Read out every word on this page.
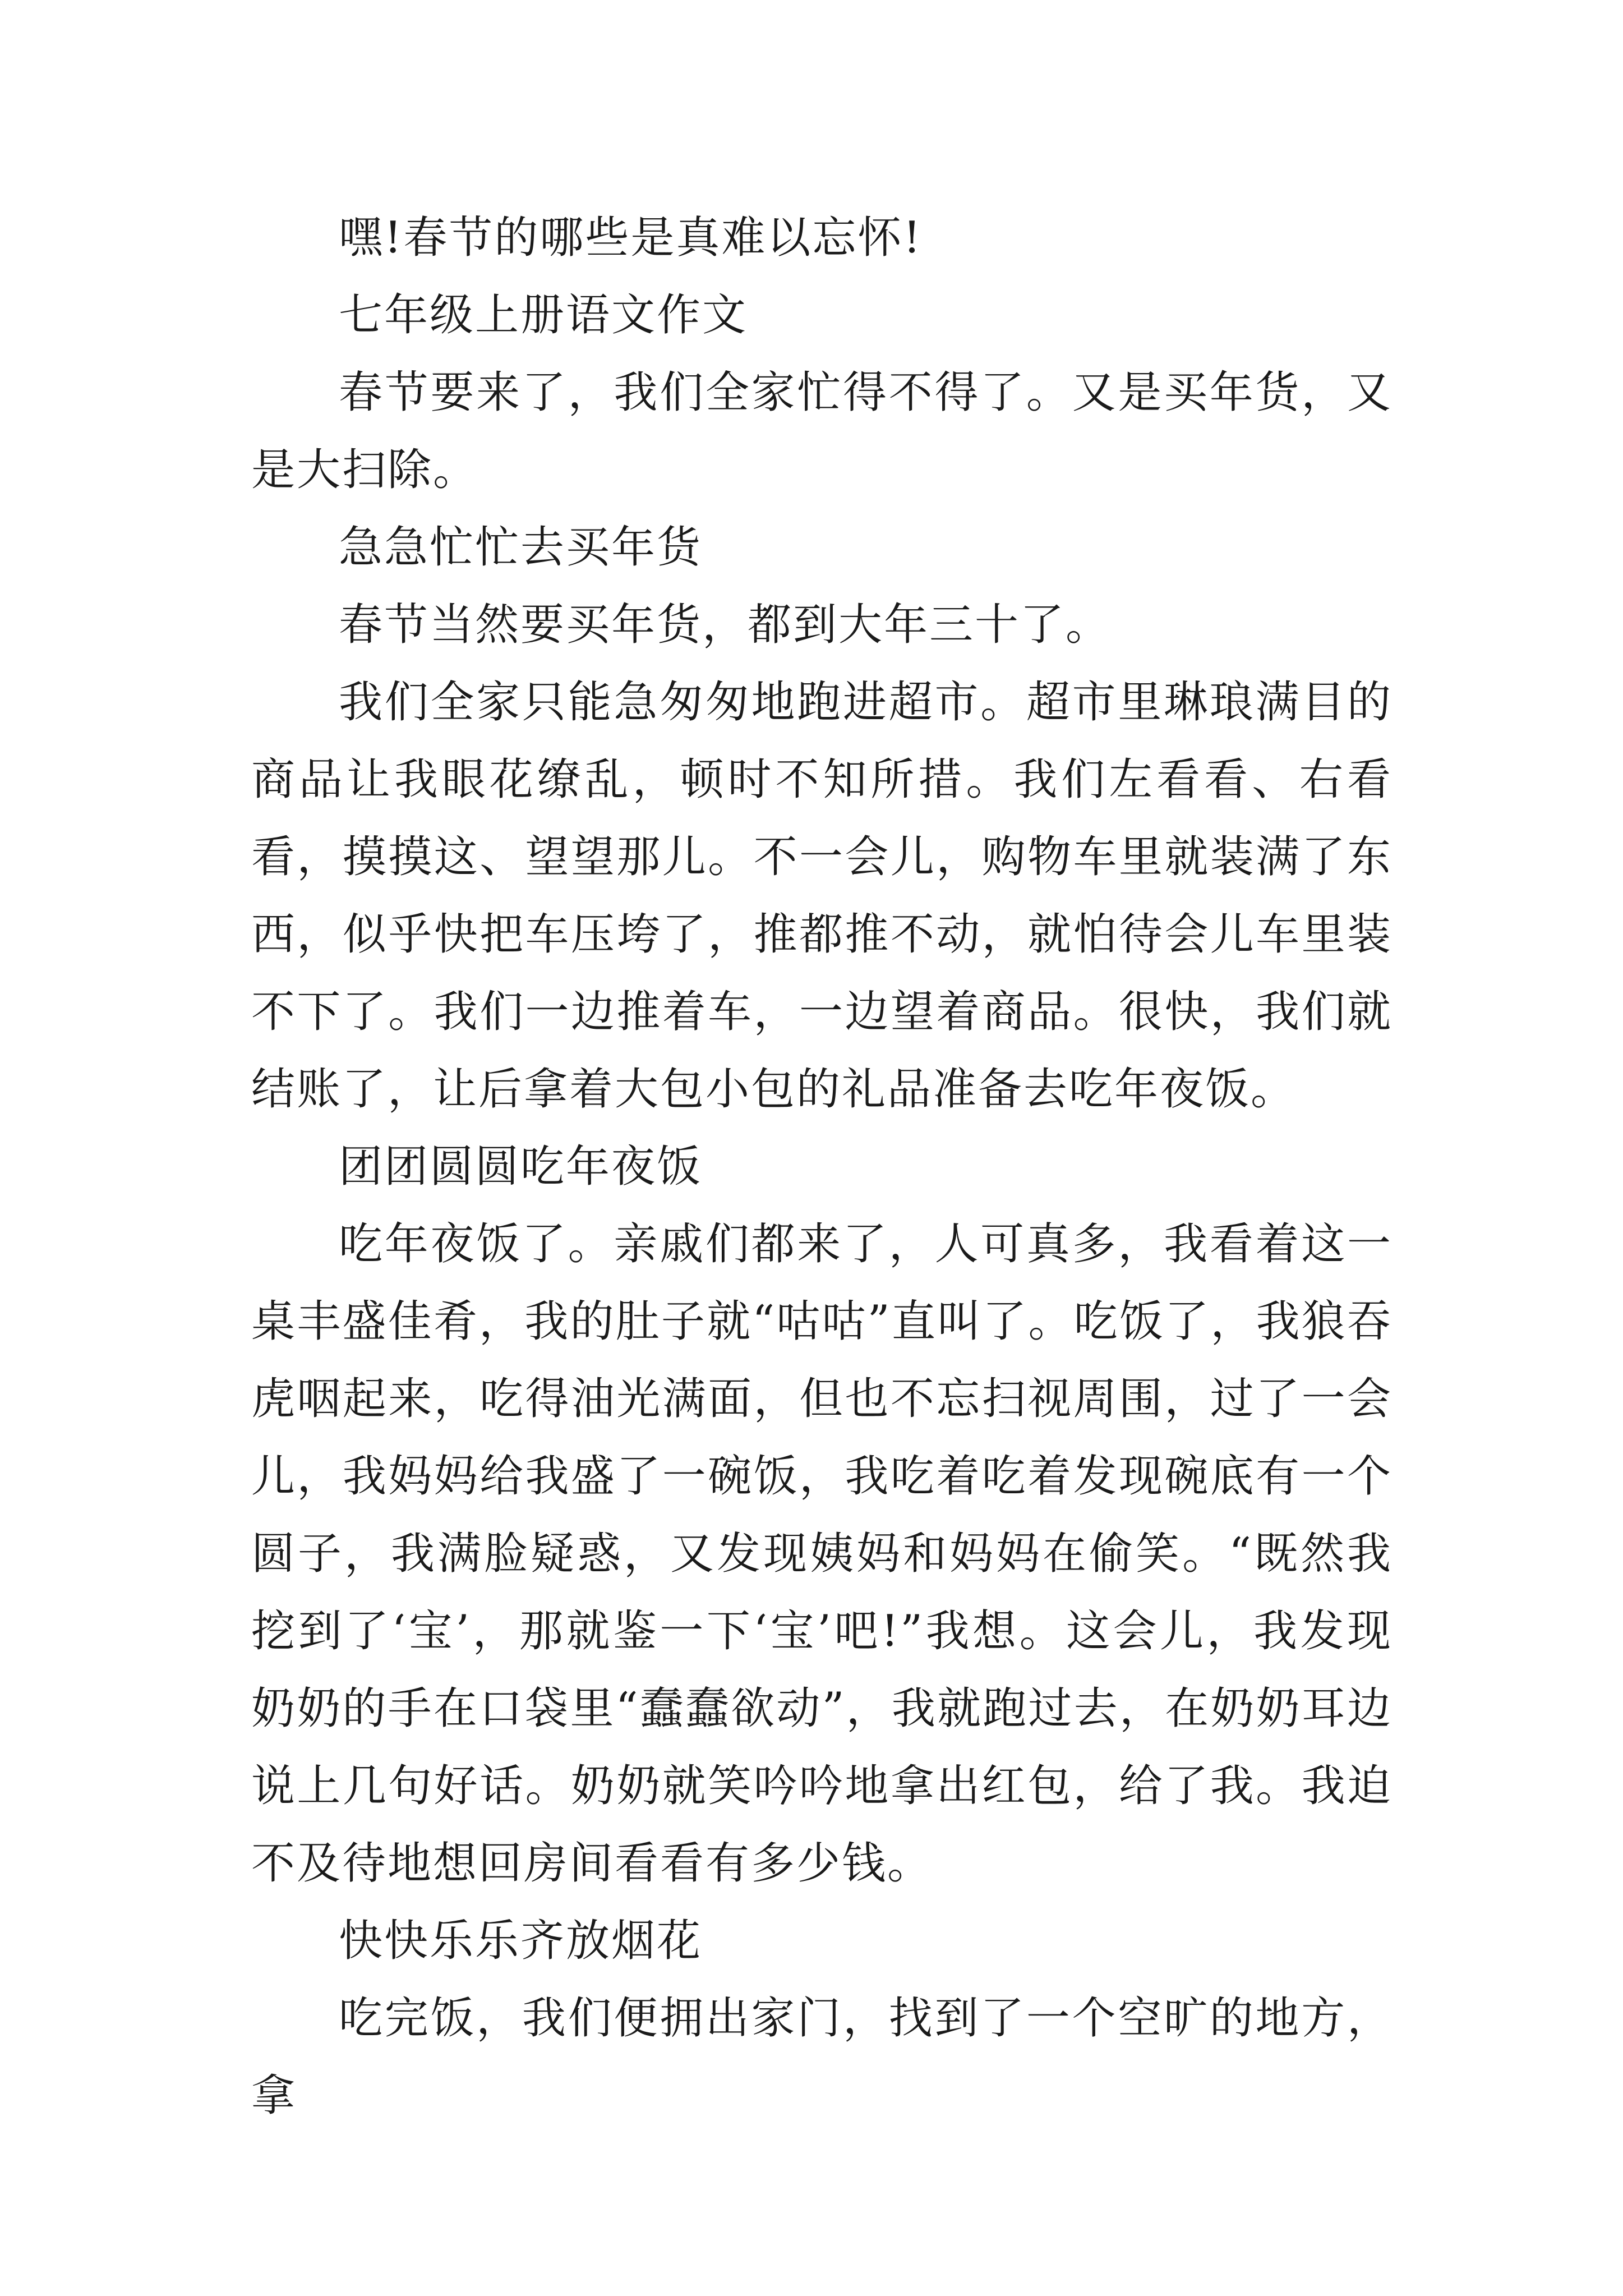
嘿!春节的哪些是真难以忘怀!

七年级上册语文作文

春节要来了，我们全家忙得不得了。又是买年货，又是大扫除。

急急忙忙去买年货

春节当然要买年货，都到大年三十了。

我们全家只能急匆匆地跑进超市。超市里琳琅满目的商品让我眼花缭乱，顿时不知所措。我们左看看、右看看，摸摸这、望望那儿。不一会儿，购物车里就装满了东西，似乎快把车压垮了，推都推不动，就怕待会儿车里装不下了。我们一边推着车，一边望着商品。很快，我们就结账了，让后拿着大包小包的礼品准备去吃年夜饭。

团团圆圆吃年夜饭

吃年夜饭了。亲戚们都来了，人可真多，我看着这一桌丰盛佳肴，我的肚子就“咕咕”直叫了。吃饭了，我狼吞虎咽起来，吃得油光满面，但也不忘扫视周围，过了一会儿，我妈妈给我盛了一碗饭，我吃着吃着发现碗底有一个圆子，我满脸疑惑，又发现姨妈和妈妈在偷笑。“既然我挖到了‘宝’，那就鉴一下‘宝’吧!”我想。这会儿，我发现奶奶的手在口袋里“蠢蠢欲动”，我就跑过去，在奶奶耳边说上几句好话。奶奶就笑吟吟地拿出红包，给了我。我迫不及待地想回房间看看有多少钱。

快快乐乐齐放烟花

吃完饭，我们便拥出家门，找到了一个空旷的地方，拿
